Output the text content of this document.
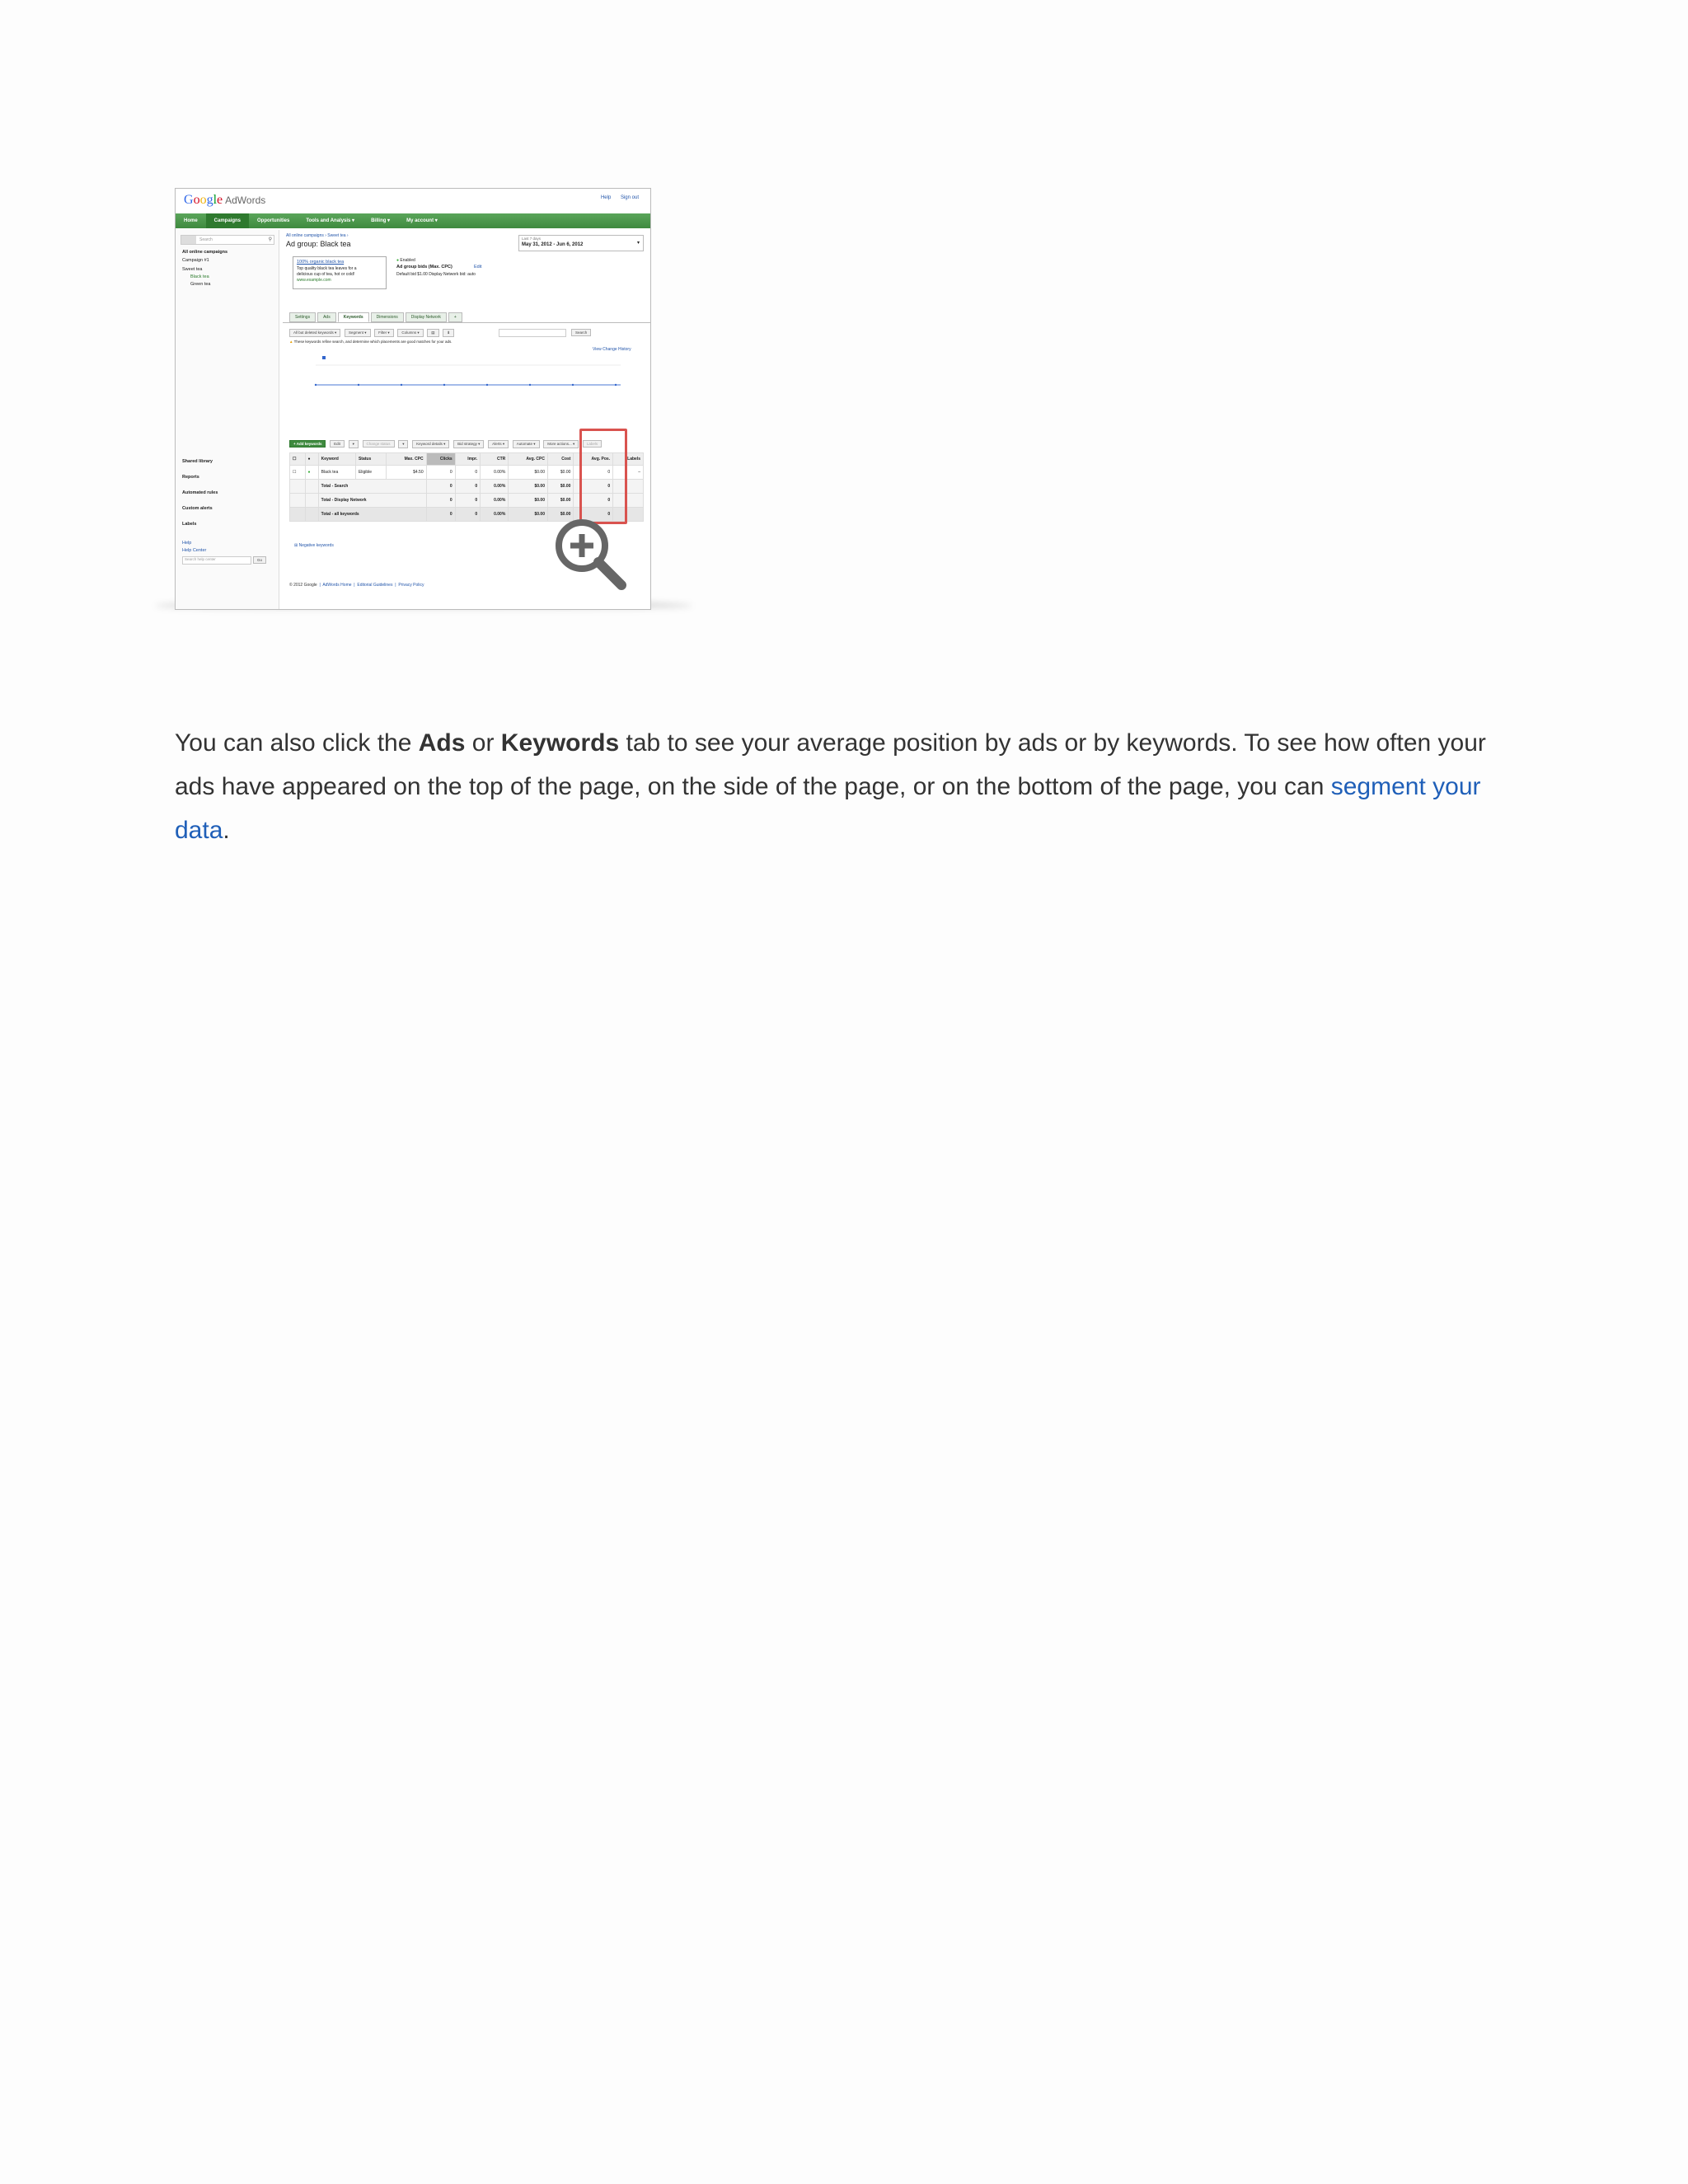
Google AdWords	Help Sign out
Home	Campaigns	Opportunities	Tools and Analysis ▾	Billing ▾	My account ▾
Search	⚲
All online campaigns
Campaign #1
Sweet tea
Black tea
Green tea
Shared library
Reports
Automated rules
Custom alerts
Labels
Help
Help Center
Search help center	Go
All online campaigns › Sweet tea ›
Ad group: Black tea
Last 7 days
May 31, 2012 - Jun 6, 2012	▾
100% organic black tea
Top quality black tea leaves for a
delicious cup of tea, hot or cold!
www.example.com
● Enabled
Ad group bids (Max. CPC)	Edit
Default bid $1.00 Display Network bid: auto
Settings	Ads	Keywords	Dimensions	Display Network	+
All but deleted keywords ▾	Segment ▾	Filter ▾	Columns ▾	▤	⬇	Search
▲ These keywords refine search, and determine which placements are good matches for your ads.
View Change History
+ Add keywords	Edit	▾	Change status	▾	Keyword details ▾	Bid strategy ▾	Alerts ▾	Automate ▾	More actions... ▾	Labels
☐	●	Keyword	Status	Max. CPC	Clicks	Impr.	CTR	Avg. CPC	Cost	Avg. Pos.	Labels
☐	●	Black tea	Eligible	$4.50	0	0	0.00%	$0.00	$0.00	0	–
		Total - Search			0	0	0.00%	$0.00	$0.00	0	
		Total - Display Network			0	0	0.00%	$0.00	$0.00	0	
		Total - all keywords			0	0	0.00%	$0.00	$0.00	0	
⊞ Negative keywords
© 2012 Google  |  AdWords Home  |  Editorial Guidelines  |  Privacy Policy

You can also click the Ads or Keywords tab to see your average position by ads or by keywords. To see how often your ads have appeared on the top of the page, on the side of the page, or on the bottom of the page, you can segment your data.
